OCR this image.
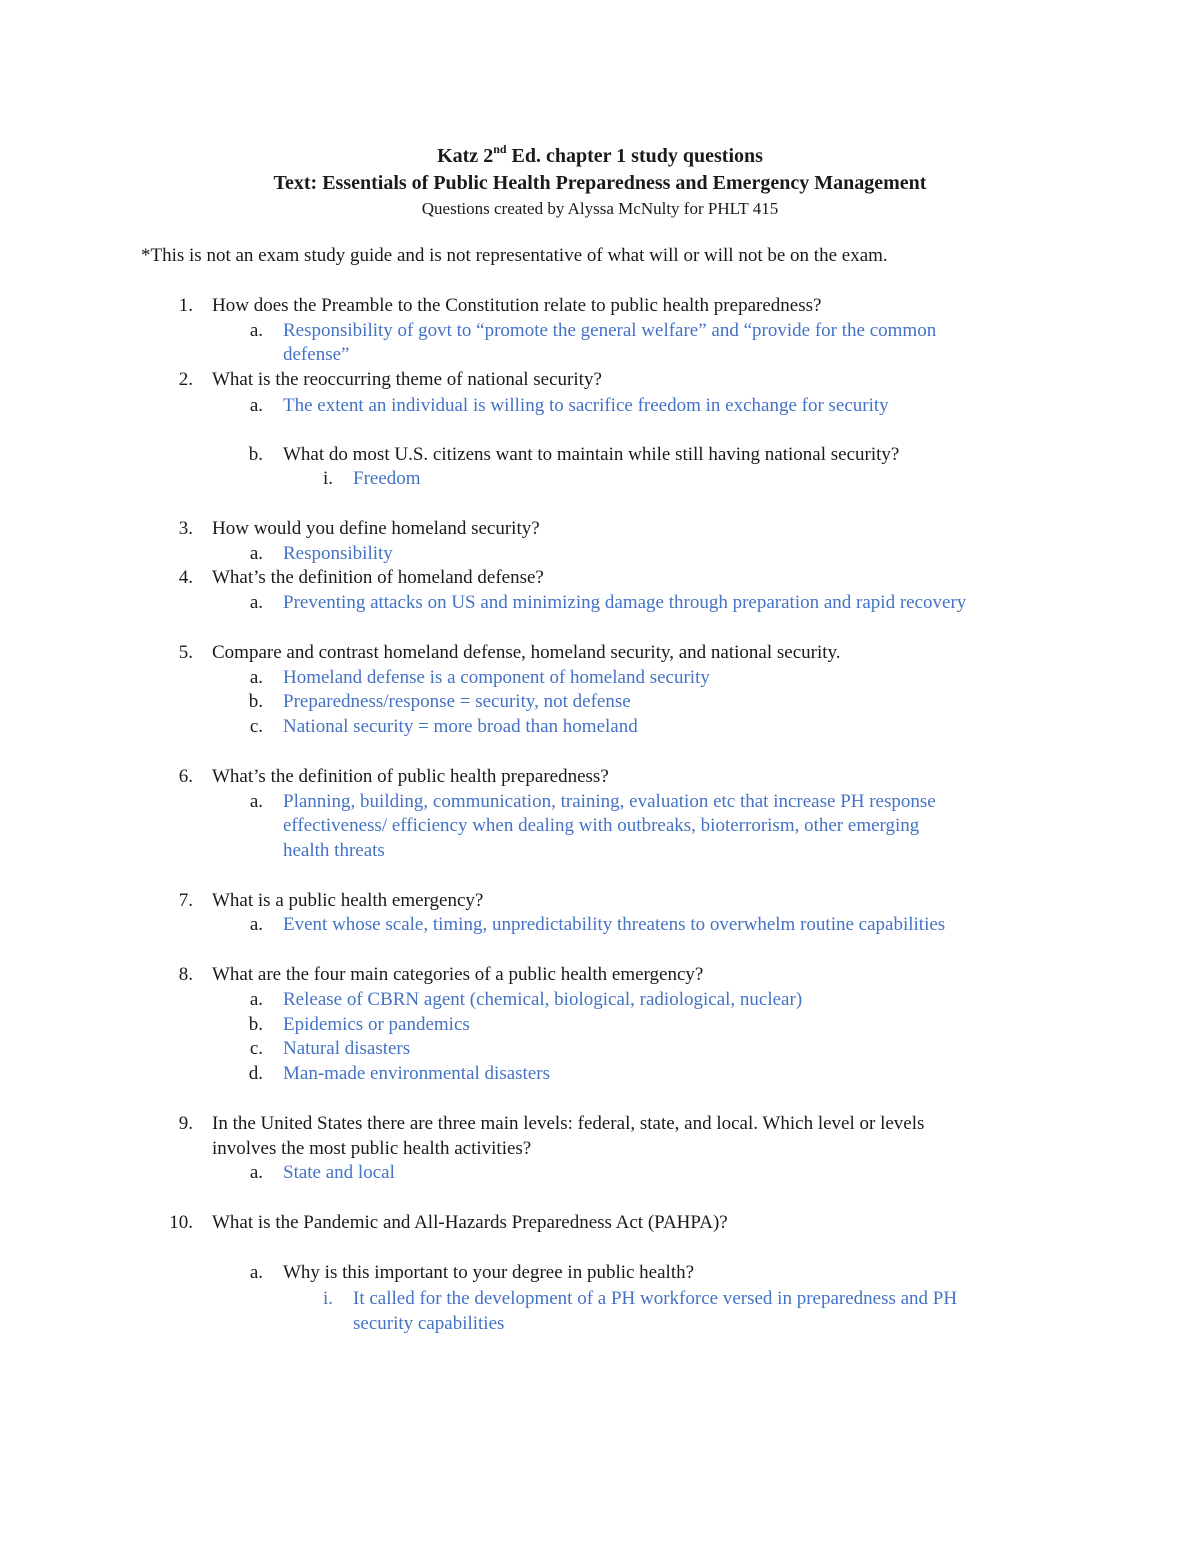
Katz 2nd Ed. chapter 1 study questions
Text: Essentials of Public Health Preparedness and Emergency Management
Questions created by Alyssa McNulty for PHLT 415
*This is not an exam study guide and is not representative of what will or will not be on the exam.
1. How does the Preamble to the Constitution relate to public health preparedness?
a. Responsibility of govt to “promote the general welfare” and “provide for the common
defense”
2. What is the reoccurring theme of national security?
a. The extent an individual is willing to sacrifice freedom in exchange for security
b. What do most U.S. citizens want to maintain while still having national security?
i. Freedom
3. How would you define homeland security?
a. Responsibility
4. What’s the definition of homeland defense?
a. Preventing attacks on US and minimizing damage through preparation and rapid recovery
5. Compare and contrast homeland defense, homeland security, and national security.
a. Homeland defense is a component of homeland security
b. Preparedness/response = security, not defense
c. National security = more broad than homeland
6. What’s the definition of public health preparedness?
a. Planning, building, communication, training, evaluation etc that increase PH response
effectiveness/ efficiency when dealing with outbreaks, bioterrorism, other emerging
health threats
7. What is a public health emergency?
a. Event whose scale, timing, unpredictability threatens to overwhelm routine capabilities
8. What are the four main categories of a public health emergency?
a. Release of CBRN agent (chemical, biological, radiological, nuclear)
b. Epidemics or pandemics
c. Natural disasters
d. Man-made environmental disasters
9. In the United States there are three main levels: federal, state, and local. Which level or levels
involves the most public health activities?
a. State and local
10. What is the Pandemic and All-Hazards Preparedness Act (PAHPA)?
a. Why is this important to your degree in public health?
i. It called for the development of a PH workforce versed in preparedness and PH
security capabilities
